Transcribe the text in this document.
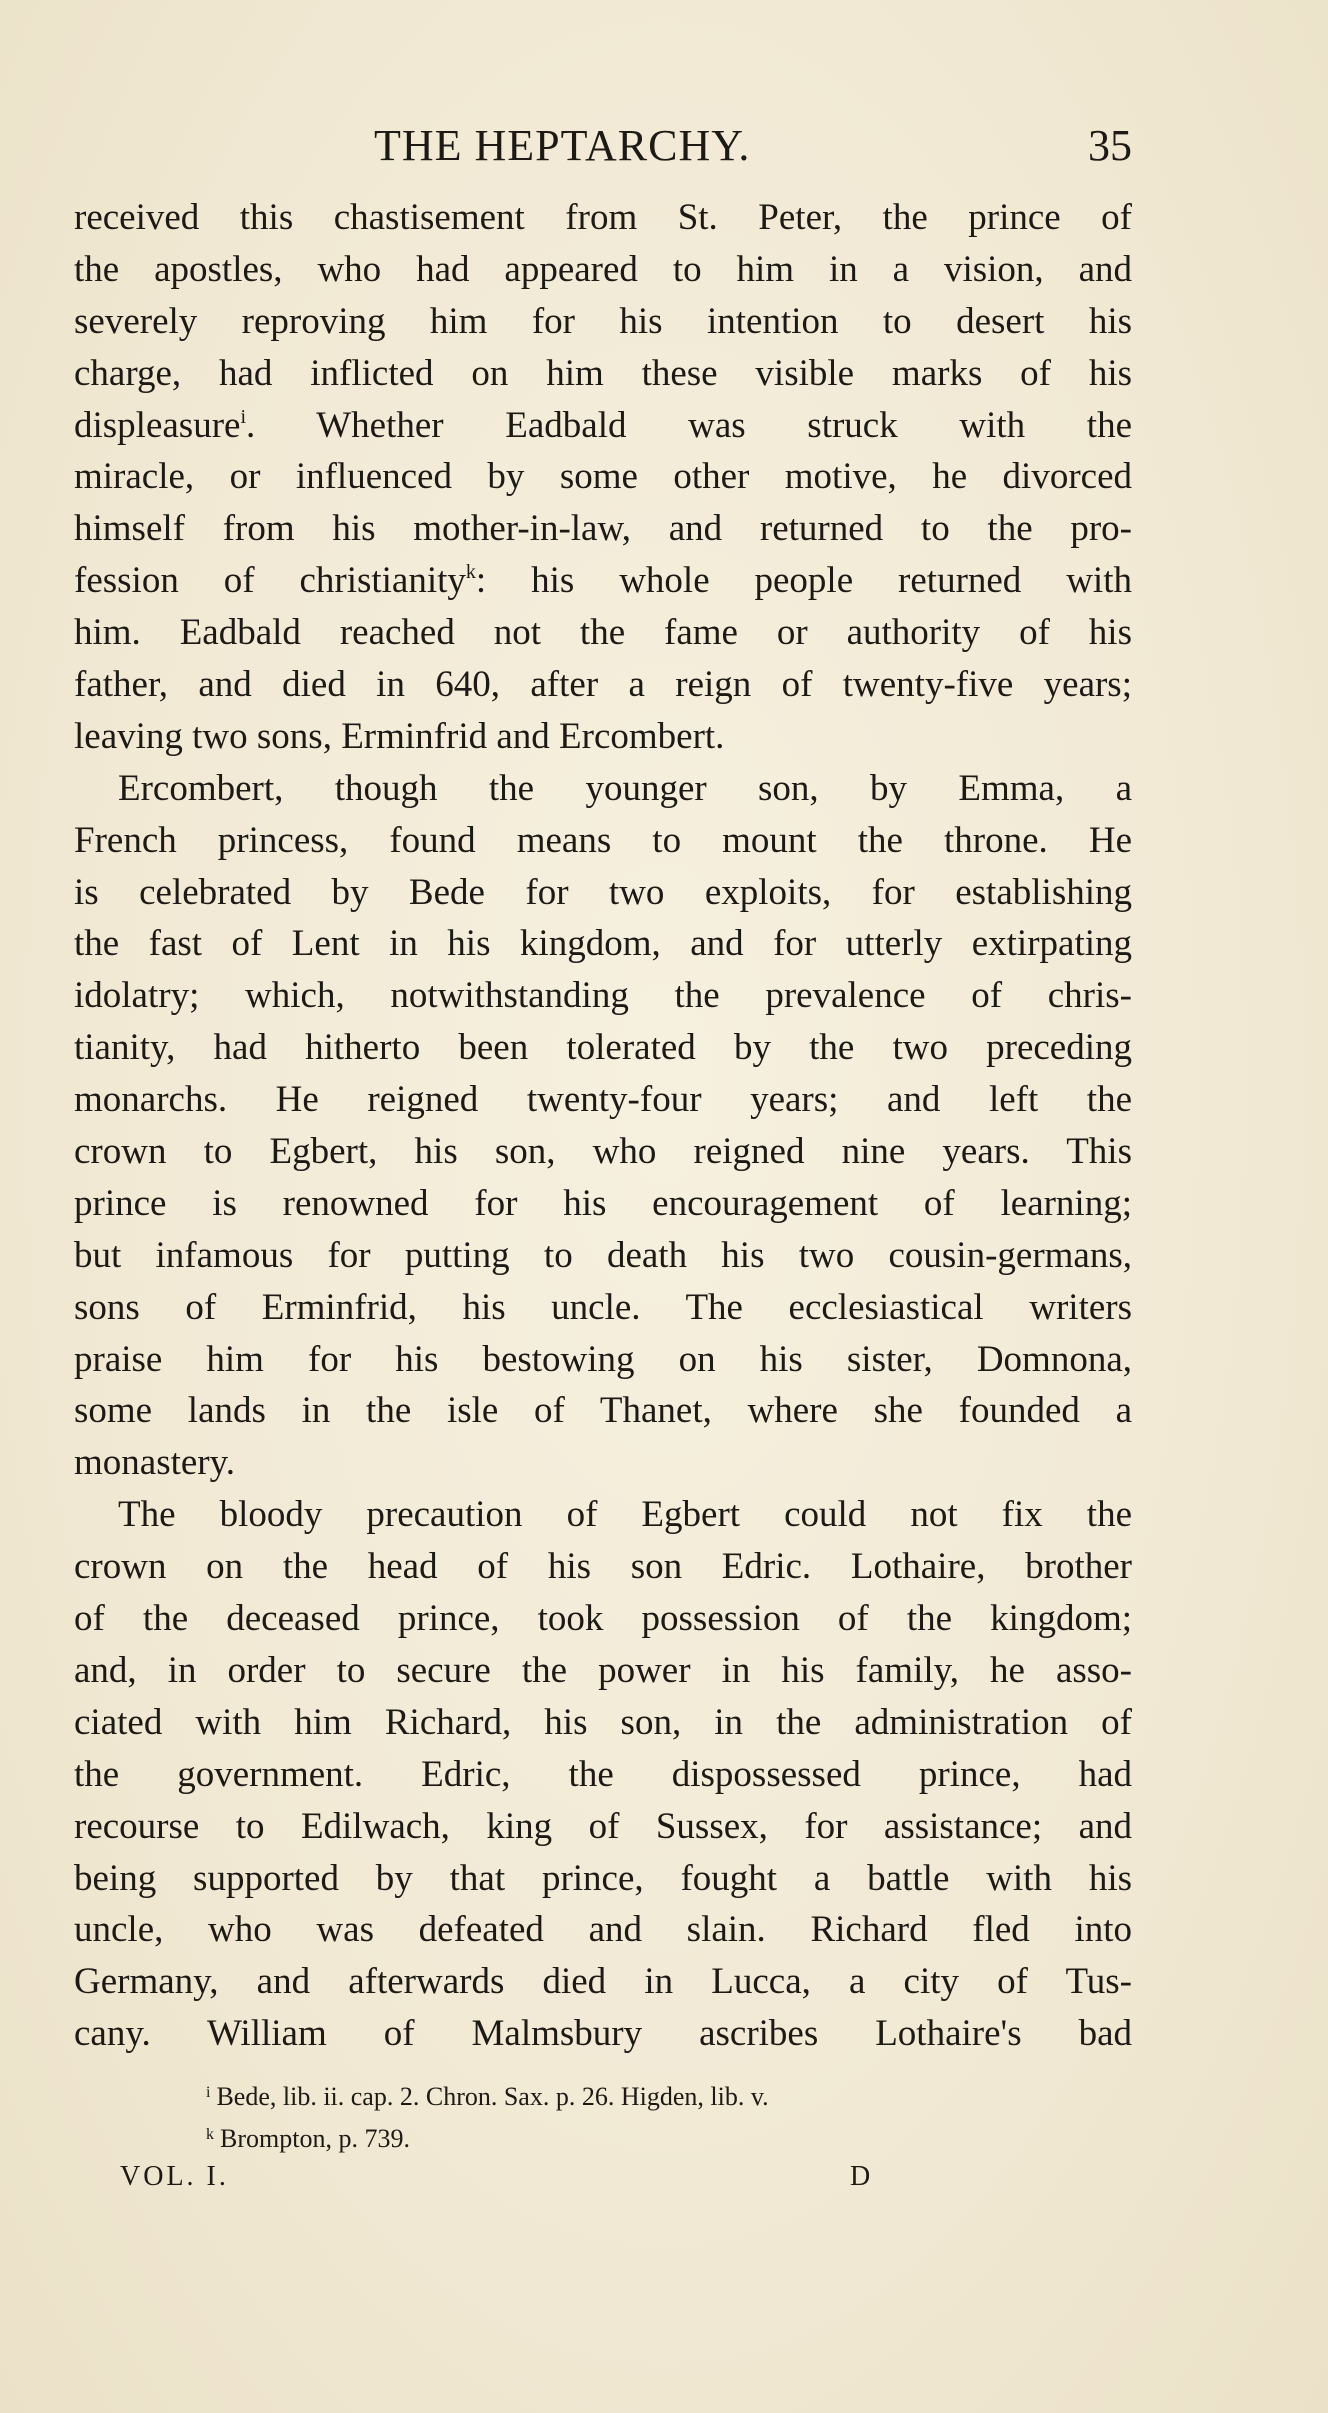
THE HEPTARCHY.	35
received this chastisement from St. Peter, the prince of
the apostles, who had appeared to him in a vision, and
severely reproving him for his intention to desert his
charge, had inflicted on him these visible marks of his
displeasure$^i$. Whether Eadbald was struck with the
miracle, or influenced by some other motive, he divorced
himself from his mother-in-law, and returned to the pro-
fession of christianity$^k$: his whole people returned with
him. Eadbald reached not the fame or authority of his
father, and died in 640, after a reign of twenty-five years;
leaving two sons, Erminfrid and Ercombert.
Ercombert, though the younger son, by Emma, a
French princess, found means to mount the throne. He
is celebrated by Bede for two exploits, for establishing
the fast of Lent in his kingdom, and for utterly extirpating
idolatry; which, notwithstanding the prevalence of chris-
tianity, had hitherto been tolerated by the two preceding
monarchs. He reigned twenty-four years; and left the
crown to Egbert, his son, who reigned nine years. This
prince is renowned for his encouragement of learning;
but infamous for putting to death his two cousin-germans,
sons of Erminfrid, his uncle. The ecclesiastical writers
praise him for his bestowing on his sister, Domnona,
some lands in the isle of Thanet, where she founded a
monastery.
The bloody precaution of Egbert could not fix the
crown on the head of his son Edric. Lothaire, brother
of the deceased prince, took possession of the kingdom;
and, in order to secure the power in his family, he asso-
ciated with him Richard, his son, in the administration of
the government. Edric, the dispossessed prince, had
recourse to Edilwach, king of Sussex, for assistance; and
being supported by that prince, fought a battle with his
uncle, who was defeated and slain. Richard fled into
Germany, and afterwards died in Lucca, a city of Tus-
cany. William of Malmsbury ascribes Lothaire's bad
$^i$ Bede, lib. ii. cap. 2. Chron. Sax. p. 26. Higden, lib. v.
$^k$ Brompton, p. 739.
VOL. I.	D
